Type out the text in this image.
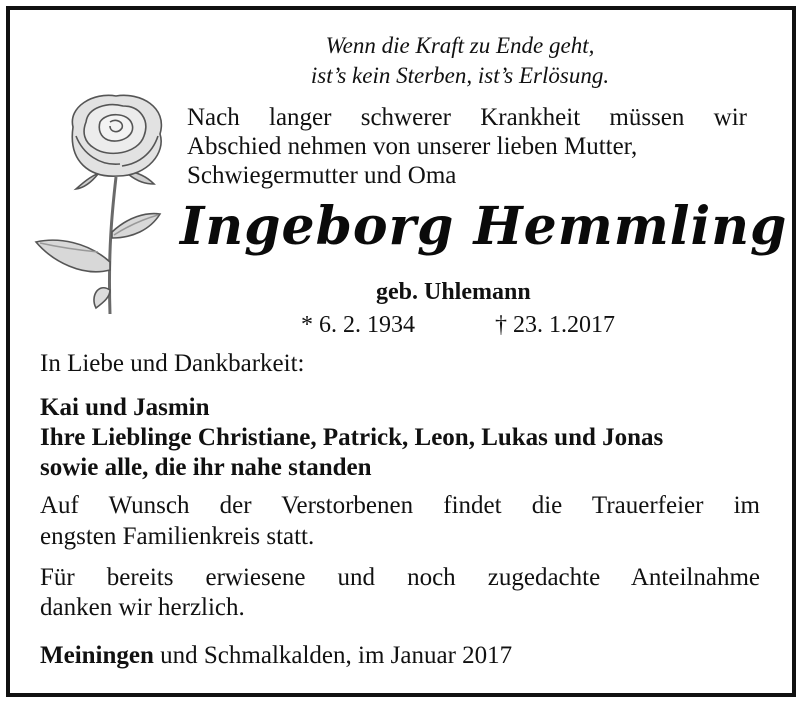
Wenn die Kraft zu Ende geht,
ist’s kein Sterben, ist’s Erlösung.
Nach langer schwerer Krankheit müssen wir
Abschied nehmen von unserer lieben Mutter,
Schwiegermutter und Oma
Ingeborg Hemmling
geb. Uhlemann
* 6. 2. 1934	† 23. 1.2017
In Liebe und Dankbarkeit:
Kai und Jasmin
Ihre Lieblinge Christiane, Patrick, Leon, Lukas und Jonas
sowie alle, die ihr nahe standen
Auf Wunsch der Verstorbenen findet die Trauerfeier im
engsten Familienkreis statt.
Für bereits erwiesene und noch zugedachte Anteilnahme
danken wir herzlich.
Meiningen und Schmalkalden, im Januar 2017
